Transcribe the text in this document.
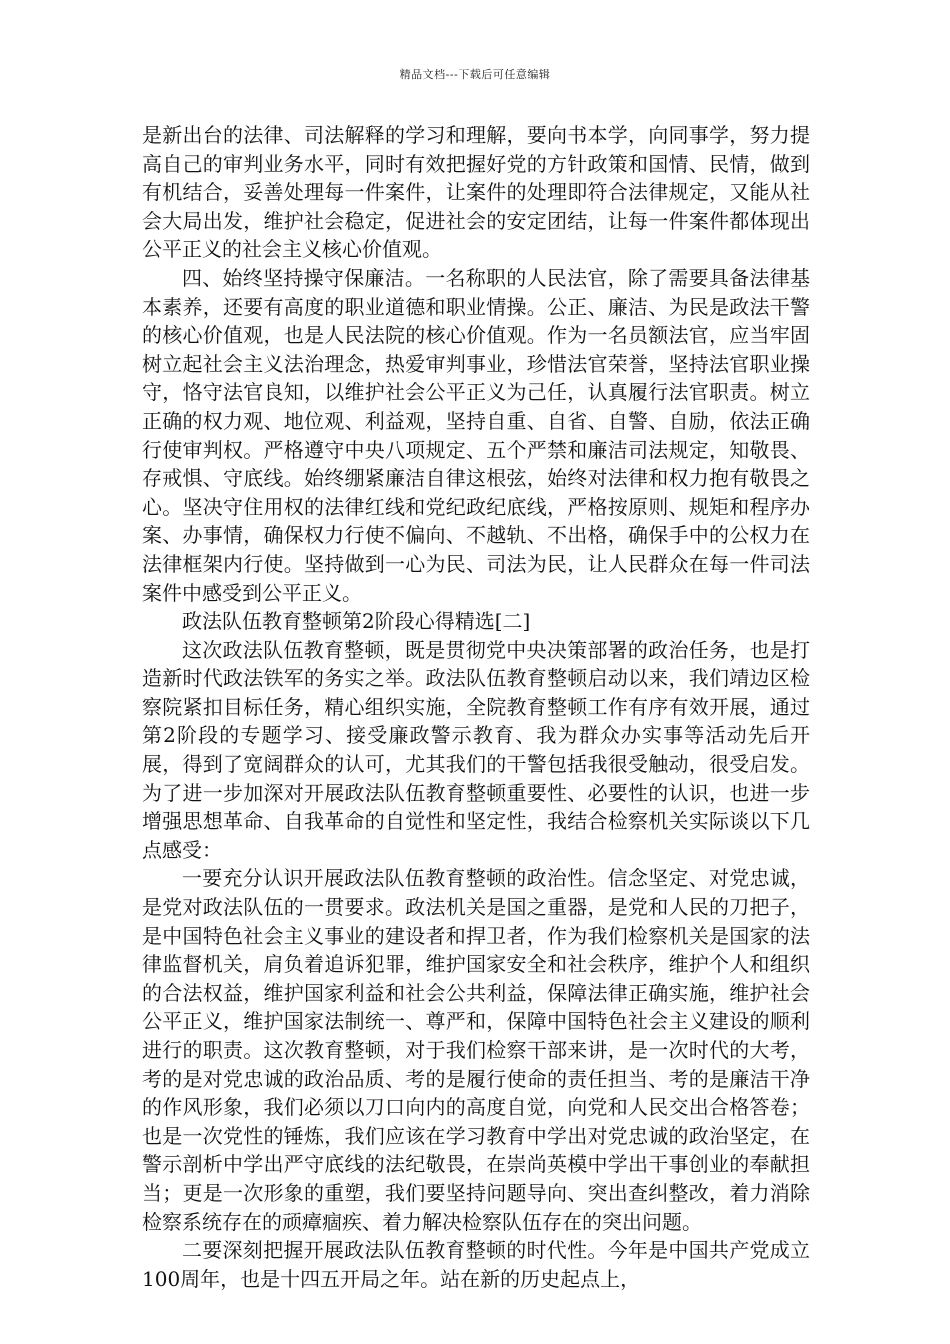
精品文档---下载后可任意编辑

是新出台的法律、司法解释的学习和理解，要向书本学，向同事学，努力提高自己的审判业务水平，同时有效把握好党的方针政策和国情、民情，做到有机结合，妥善处理每一件案件，让案件的处理即符合法律规定，又能从社会大局出发，维护社会稳定，促进社会的安定团结，让每一件案件都体现出公平正义的社会主义核心价值观。

四、始终坚持操守保廉洁。一名称职的人民法官，除了需要具备法律基本素养，还要有高度的职业道德和职业情操。公正、廉洁、为民是政法干警的核心价值观，也是人民法院的核心价值观。作为一名员额法官，应当牢固树立起社会主义法治理念，热爱审判事业，珍惜法官荣誉，坚持法官职业操守，恪守法官良知，以维护社会公平正义为己任，认真履行法官职责。树立正确的权力观、地位观、利益观，坚持自重、自省、自警、自励，依法正确行使审判权。严格遵守中央八项规定、五个严禁和廉洁司法规定，知敬畏、存戒惧、守底线。始终绷紧廉洁自律这根弦，始终对法律和权力抱有敬畏之心。坚决守住用权的法律红线和党纪政纪底线，严格按原则、规矩和程序办案、办事情，确保权力行使不偏向、不越轨、不出格，确保手中的公权力在法律框架内行使。坚持做到一心为民、司法为民，让人民群众在每一件司法案件中感受到公平正义。

政法队伍教育整顿第2阶段心得精选[二]

这次政法队伍教育整顿，既是贯彻党中央决策部署的政治任务，也是打造新时代政法铁军的务实之举。政法队伍教育整顿启动以来，我们靖边区检察院紧扣目标任务，精心组织实施，全院教育整顿工作有序有效开展，通过第2阶段的专题学习、接受廉政警示教育、我为群众办实事等活动先后开展，得到了宽阔群众的认可，尤其我们的干警包括我很受触动，很受启发。为了进一步加深对开展政法队伍教育整顿重要性、必要性的认识，也进一步增强思想革命、自我革命的自觉性和坚定性，我结合检察机关实际谈以下几点感受：

一要充分认识开展政法队伍教育整顿的政治性。信念坚定、对党忠诚，是党对政法队伍的一贯要求。政法机关是国之重器，是党和人民的刀把子，是中国特色社会主义事业的建设者和捍卫者，作为我们检察机关是国家的法律监督机关，肩负着追诉犯罪，维护国家安全和社会秩序，维护个人和组织的合法权益，维护国家利益和社会公共利益，保障法律正确实施，维护社会公平正义，维护国家法制统一、尊严和，保障中国特色社会主义建设的顺利进行的职责。这次教育整顿，对于我们检察干部来讲，是一次时代的大考，考的是对党忠诚的政治品质、考的是履行使命的责任担当、考的是廉洁干净的作风形象，我们必须以刀口向内的高度自觉，向党和人民交出合格答卷；也是一次党性的锤炼，我们应该在学习教育中学出对党忠诚的政治坚定，在警示剖析中学出严守底线的法纪敬畏，在崇尚英模中学出干事创业的奉献担当；更是一次形象的重塑，我们要坚持问题导向、突出查纠整改，着力消除检察系统存在的顽瘴痼疾、着力解决检察队伍存在的突出问题。

二要深刻把握开展政法队伍教育整顿的时代性。今年是中国共产党成立100周年，也是十四五开局之年。站在新的历史起点上，
